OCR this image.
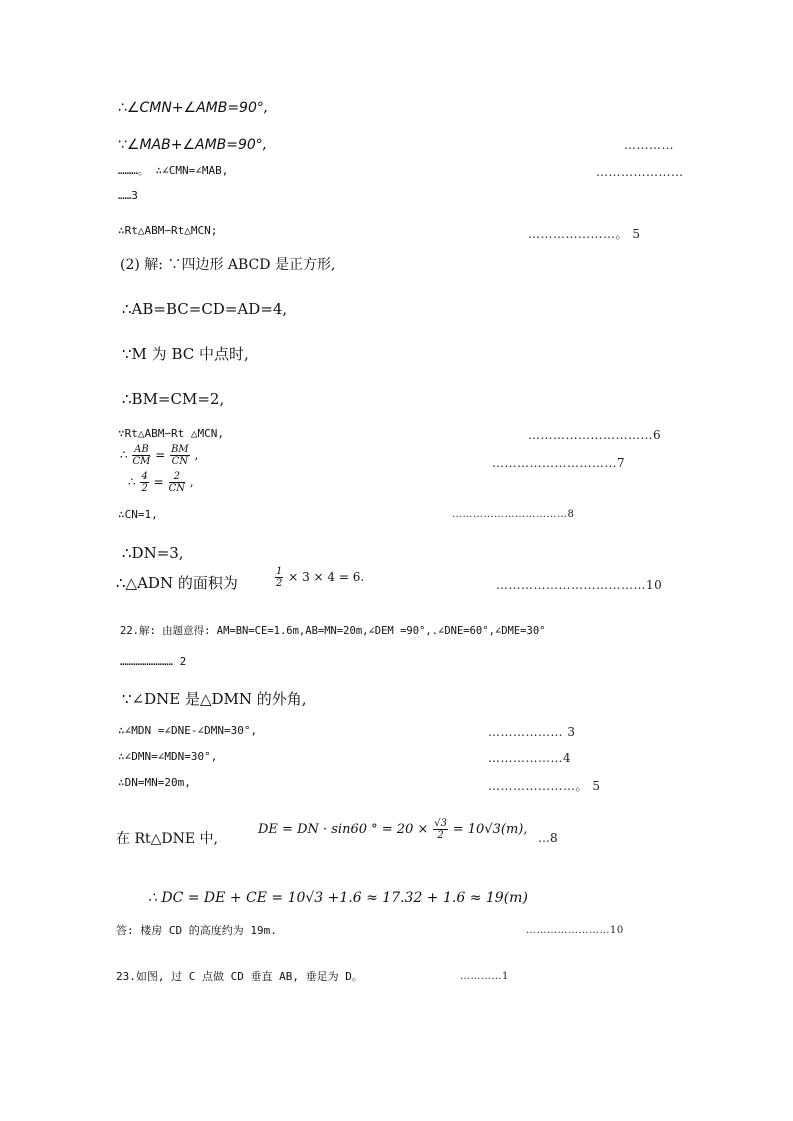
∴∠CMN+∠AMB=90°,
∵∠MAB+∠AMB=90°,	…………
………。 ∴∠CMN=∠MAB,	…………………
……3
∴Rt△ABM∽Rt△MCN;	…………………。 5
(2) 解: ∵四边形 ABCD 是正方形,
∴AB=BC=CD=AD=4,
∵M 为 BC 中点时,
∴BM=CM=2,
∵Rt△ABM∽Rt △MCN,	…………………………6
∴ $\frac{AB}{CM} = \frac{BM}{CN}$ ,
…………………………7
∴ $\frac{4}{2} = \frac{2}{CN}$ ,
∴CN=1,	……………………………8
∴DN=3,
∴△ADN 的面积为	$\frac{1}{2} \times 3 \times 4 = 6$.
………………………………10
22.解: 由题意得: AM=BN=CE=1.6m,AB=MN=20m,∠DEM =90°,.∠DNE=60°,∠DME=30°
…………………… 2
∵∠DNE 是△DMN 的外角,
∴∠MDN =∠DNE-∠DMN=30°,	……………… 3
∴∠DMN=∠MDN=30°,	………………4
∴DN=MN=20m,	…………………。 5
在 Rt△DNE 中,
DE = DN · sin60 ° = $20 \times \frac{√3}{2} = 10√3(m)$,
…8
∴ DC = DE + CE = 10√3 +1.6 ≈ 17.32 + 1.6 ≈ 19(m)
答: 楼房 CD 的高度约为 19m.	……………………10
23.如图, 过 C 点做 CD 垂直 AB, 垂足为 D。	…………1
